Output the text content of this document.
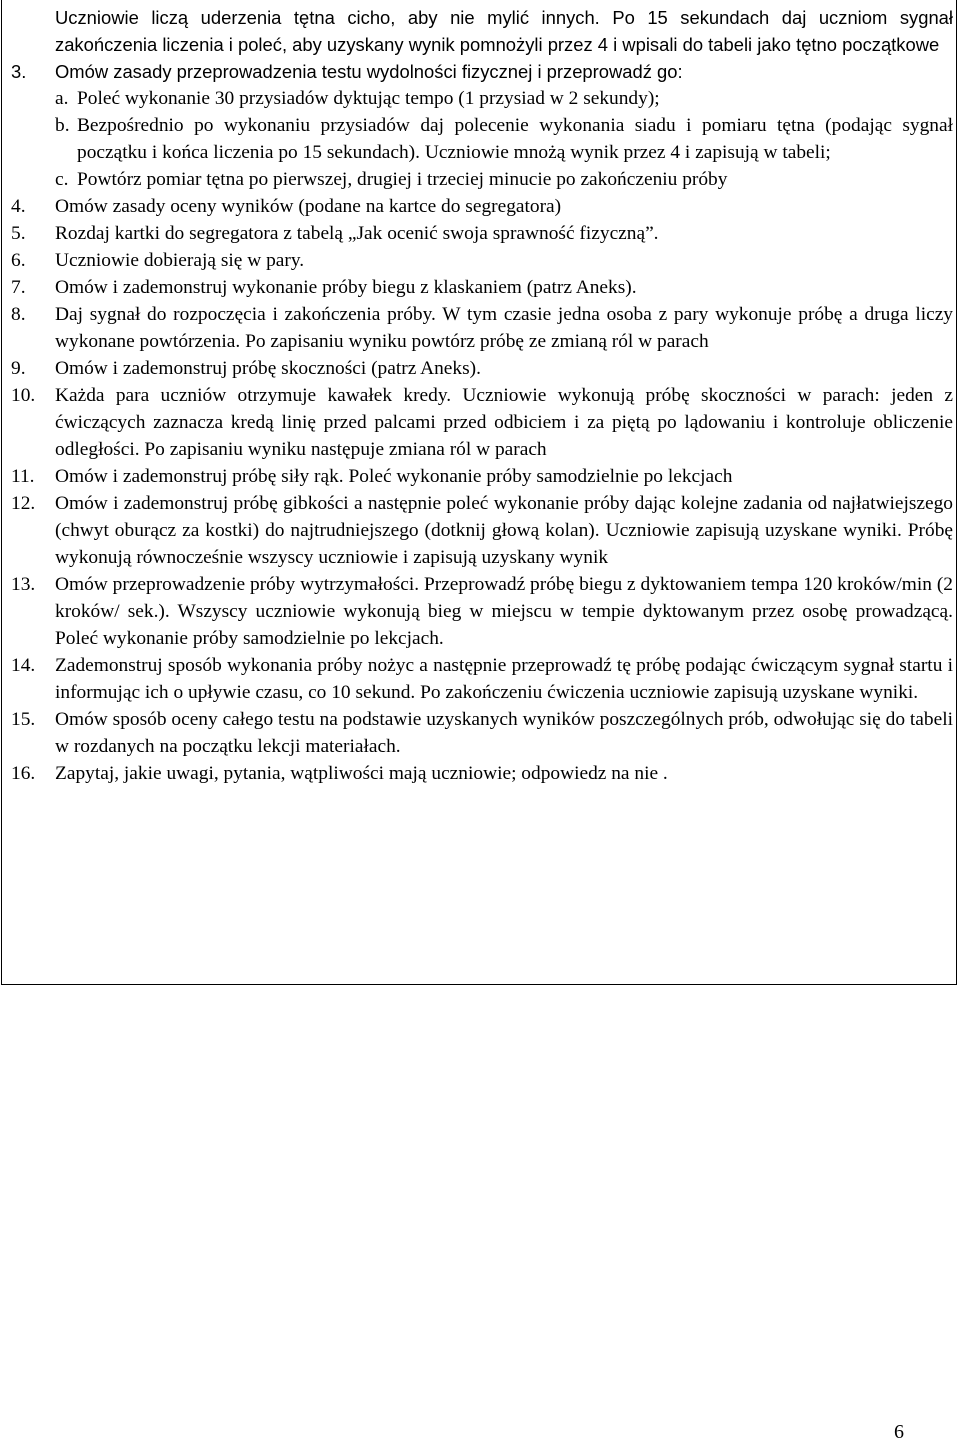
Uczniowie liczą uderzenia tętna cicho, aby nie mylić innych. Po 15 sekundach daj uczniom sygnał zakończenia liczenia i poleć, aby uzyskany wynik pomnożyli przez 4 i wpisali do tabeli jako tętno początkowe

3.	Omów zasady przeprowadzenia testu wydolności fizycznej i przeprowadź go:
a. Poleć wykonanie 30 przysiadów dyktując tempo (1 przysiad w 2 sekundy);
b. Bezpośrednio po wykonaniu przysiadów daj polecenie wykonania siadu i pomiaru tętna (podając sygnał początku i końca liczenia po 15 sekundach). Uczniowie mnożą wynik przez 4 i zapisują w tabeli;
c. Powtórz pomiar tętna po pierwszej, drugiej i trzeciej minucie po zakończeniu próby
4.	Omów zasady oceny wyników (podane na kartce do segregatora)
5.	Rozdaj kartki do segregatora z tabelą „Jak ocenić swoja sprawność fizyczną”.
6.	Uczniowie dobierają się w pary.
7.	Omów i zademonstruj wykonanie próby biegu z klaskaniem (patrz Aneks).
8.	Daj sygnał do rozpoczęcia i zakończenia próby. W tym czasie jedna osoba z pary wykonuje próbę a druga liczy wykonane powtórzenia. Po zapisaniu wyniku powtórz próbę ze zmianą ról w parach
9.	Omów i zademonstruj próbę skoczności (patrz Aneks).
10.	Każda para uczniów otrzymuje kawałek kredy. Uczniowie wykonują próbę skoczności w parach: jeden z ćwiczących zaznacza kredą linię przed palcami przed odbiciem i za piętą po lądowaniu i kontroluje obliczenie odległości. Po zapisaniu wyniku następuje zmiana ról w parach
11.	Omów i zademonstruj próbę siły rąk. Poleć wykonanie próby samodzielnie po lekcjach
12.	Omów i zademonstruj próbę gibkości a następnie poleć wykonanie próby dając kolejne zadania od najłatwiejszego (chwyt oburącz za kostki) do najtrudniejszego (dotknij głową kolan). Uczniowie zapisują uzyskane wyniki. Próbę wykonują równocześnie wszyscy uczniowie i zapisują uzyskany wynik
13.	Omów przeprowadzenie próby wytrzymałości. Przeprowadź próbę biegu z dyktowaniem tempa 120 kroków/min (2 kroków/ sek.). Wszyscy uczniowie wykonują bieg w miejscu w tempie dyktowanym przez osobę prowadzącą. Poleć wykonanie próby samodzielnie po lekcjach.
14.	Zademonstruj sposób wykonania próby nożyc a następnie przeprowadź tę próbę podając ćwiczącym sygnał startu i informując ich o upływie czasu, co 10 sekund. Po zakończeniu ćwiczenia uczniowie zapisują uzyskane wyniki.
15.	Omów sposób oceny całego testu na podstawie uzyskanych wyników poszczególnych prób, odwołując się do tabeli w rozdanych na początku lekcji materiałach.
16.	Zapytaj, jakie uwagi, pytania, wątpliwości mają uczniowie; odpowiedz na nie .
6
